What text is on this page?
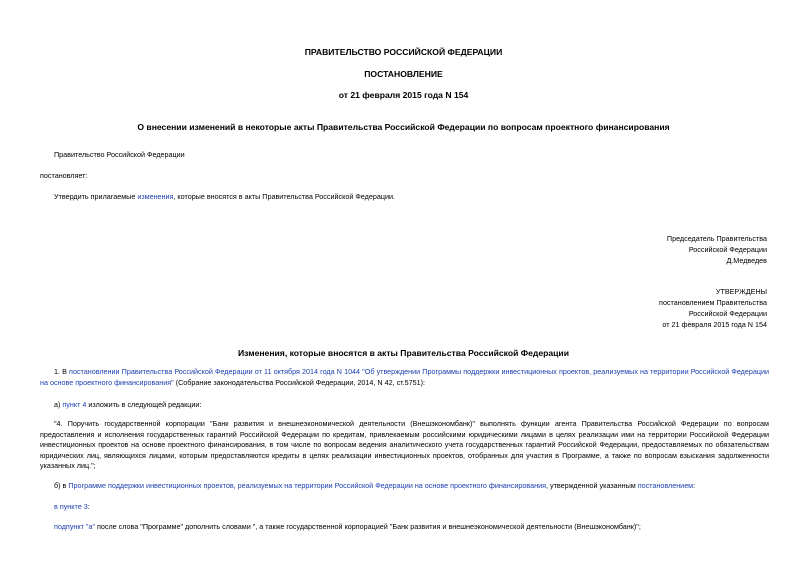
ПРАВИТЕЛЬСТВО РОССИЙСКОЙ ФЕДЕРАЦИИ
ПОСТАНОВЛЕНИЕ
от 21 февраля 2015 года N 154
О внесении изменений в некоторые акты Правительства Российской Федерации по вопросам проектного финансирования
Правительство Российской Федерации
постановляет:
Утвердить прилагаемые изменения, которые вносятся в акты Правительства Российской Федерации.
Председатель Правительства
Российской Федерации
Д.Медведев
УТВЕРЖДЕНЫ
постановлением Правительства
Российской Федерации
от 21 февраля 2015 года N 154
Изменения, которые вносятся в акты Правительства Российской Федерации
1. В постановлении Правительства Российской Федерации от 11 октября 2014 года N 1044 "Об утверждении Программы поддержки инвестиционных проектов, реализуемых на территории Российской Федерации на основе проектного финансирования" (Собрание законодательства Российской Федерации, 2014, N 42, ст.5751):
а) пункт 4 изложить в следующей редакции:
"4. Поручить государственной корпорации "Банк развития и внешнеэкономической деятельности (Внешэкономбанк)" выполнять функции агента Правительства Российской Федерации по вопросам предоставления и исполнения государственных гарантий Российской Федерации по кредитам, привлекаемым российскими юридическими лицами в целях реализации ими на территории Российской Федерации инвестиционных проектов на основе проектного финансирования, в том числе по вопросам ведения аналитического учета государственных гарантий Российской Федерации, предоставляемых по обязательствам юридических лиц, являющихся лицами, которым предоставляются кредиты в целях реализации инвестиционных проектов, отобранных для участия в Программе, а также по вопросам взыскания задолженности указанных лиц.";
б) в Программе поддержки инвестиционных проектов, реализуемых на территории Российской Федерации на основе проектного финансирования, утвержденной указанным постановлением:
в пункте 3:
подпункт "а" после слова "Программе" дополнить словами ", а также государственной корпорацией "Банк развития и внешнеэкономической деятельности (Внешэкономбанк)";
